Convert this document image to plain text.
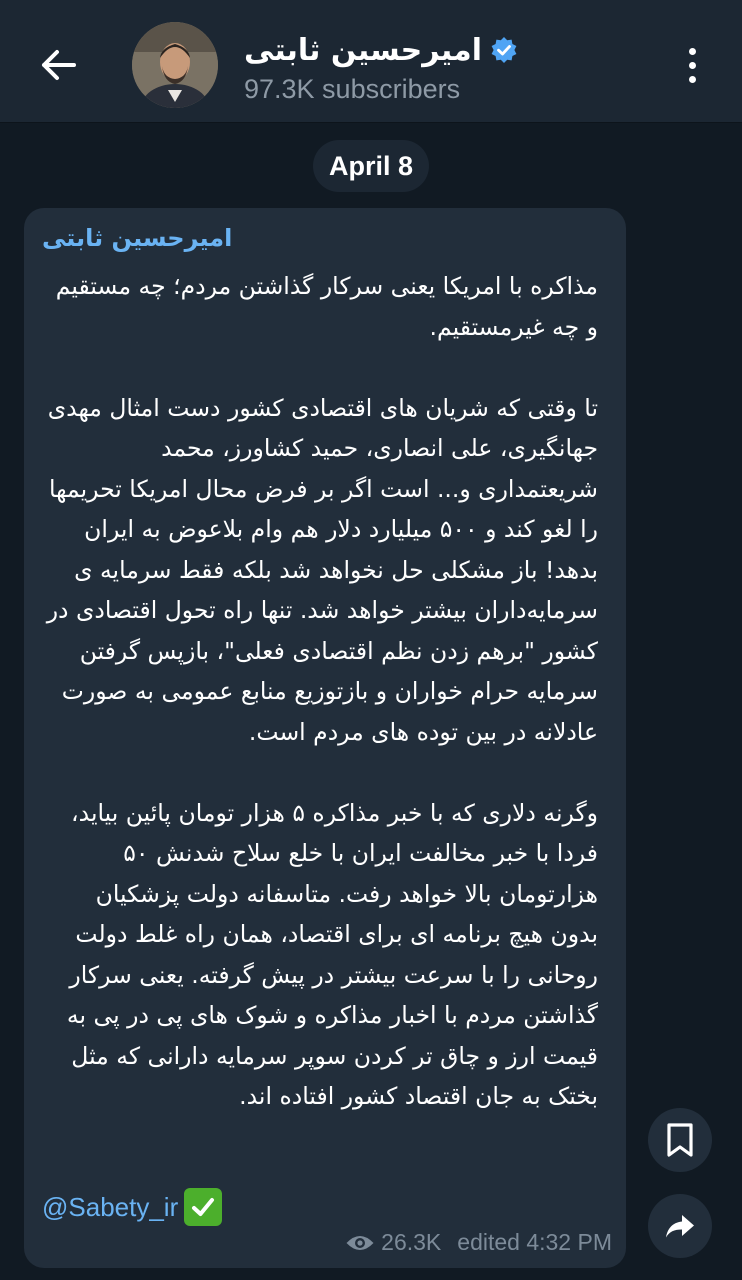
امیرحسین ثابتی
97.3K subscribers
April 8
امیرحسین ثابتی

مذاکره با امریکا یعنی سرکار گذاشتن مردم؛ چه مستقیم و چه غیرمستقیم.

تا وقتی که شریان های اقتصادی کشور دست امثال مهدی جهانگیری، علی انصاری، حمید کشاورز، محمد شریعتمداری و... است اگر بر فرض محال امریکا تحریمها را لغو کند و ۵۰۰ میلیارد دلار هم وام بلاعوض به ایران بدهد! باز مشکلی حل نخواهد شد بلکه فقط سرمایه ی سرمایه‌داران بیشتر خواهد شد. تنها راه تحول اقتصادی در کشور "برهم زدن نظم اقتصادی فعلی"، بازپس گرفتن سرمایه حرام خواران و بازتوزیع منابع عمومی به صورت عادلانه در بین توده های مردم است.

وگرنه دلاری که با خبر مذاکره ۵ هزار تومان پائین بیاید، فردا با خبر مخالفت ایران با خلع سلاح شدنش ۵۰ هزارتومان بالا خواهد رفت. متاسفانه دولت پزشکیان بدون هیچ برنامه ای برای اقتصاد، همان راه غلط دولت روحانی را با سرعت بیشتر در پیش گرفته. یعنی سرکار گذاشتن مردم با اخبار مذاکره و شوک های پی در پی به قیمت ارز و چاق تر کردن سوپر سرمایه دارانی که مثل بختک به جان اقتصاد کشور افتاده اند.

@Sabety_ir
26.3K edited 4:32 PM
